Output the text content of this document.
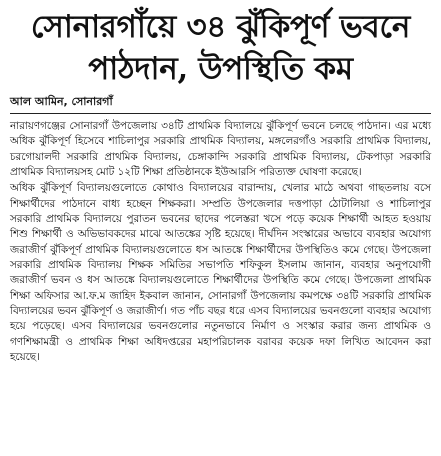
সোনারগাঁয়ে ৩৪ ঝুঁকিপূর্ণ ভবনে
পাঠদান, উপস্থিতি কম
আল আমিন, সোনারগাঁ

নারায়ণগঞ্জের সোনারগাঁ উপজেলায় ৩৪টি প্রাথমিক বিদ্যালয়ে ঝুঁকিপূর্ণ ভবনে চলছে পাঠদান। এর মধ্যে অধিক ঝুঁকিপূর্ণ হিসেবে শাচিলাপুর সরকারি প্রাথমিক বিদ্যালয়, মঙ্গলেরগাঁও সরকারি প্রাথমিক বিদ্যালয়, চরগোয়ালদী সরকারি প্রাথমিক বিদ্যালয়, চেঙ্গাকান্দি সরকারি প্রাথমিক বিদ্যালয়, টেকপাড়া সরকারি প্রাথমিক বিদ্যালয়সহ মোট ১২টি শিক্ষা প্রতিষ্ঠানকে ইউআরসি পরিত্যক্ত ঘোষণা করেছে।

অধিক ঝুঁকিপূর্ণ বিদ্যালয়গুলোতে কোথাও বিদ্যালয়ের বারান্দায়, খেলার মাঠে অথবা গাছতলায় বসে শিক্ষার্থীদের পাঠদানে বাধ্য হচ্ছেন শিক্ষকরা। সম্প্রতি উপজেলার দত্তপাড়া ঠোটালিয়া ও শাচিলাপুর সরকারি প্রাথমিক বিদ্যালয়ে পুরাতন ভবনের ছাদের পলেস্তরা খসে পড়ে কয়েক শিক্ষার্থী আহত হওয়ায় শিশু শিক্ষার্থী ও অভিভাবকদের মাঝে আতঙ্কের সৃষ্টি হয়েছে। দীর্ঘদিন সংস্কারের অভাবে ব্যবহার অযোগ্য জরাজীর্ণ ঝুঁকিপূর্ণ প্রাথমিক বিদ্যালয়গুলোতে ধস আতঙ্কে শিক্ষার্থীদের উপস্থিতিও কমে গেছে। উপজেলা সরকারি প্রাথমিক বিদ্যালয় শিক্ষক সমিতির সভাপতি শফিকুল ইসলাম জানান, ব্যবহার অনুপযোগী জরাজীর্ণ ভবন ও ধস আতঙ্কে বিদ্যালয়গুলোতে শিক্ষার্থীদের উপস্থিতি কমে গেছে। উপজেলা প্রাথমিক শিক্ষা অফিসার আ.ফ.ম জাহিদ ইকবাল জানান, সোনারগাঁ উপজেলায় কমপক্ষে ৩৪টি সরকারি প্রাথমিক বিদ্যালয়ের ভবন ঝুঁকিপূর্ণ ও জরাজীর্ণ। গত পাঁচ বছর ধরে এসব বিদ্যালয়ের ভবনগুলো ব্যবহার অযোগ্য হয়ে পড়েছে। এসব বিদ্যালয়ের ভবনগুলোর নতুনভাবে নির্মাণ ও সংস্কার করার জন্য প্রাথমিক ও গণশিক্ষামন্ত্রী ও প্রাথমিক শিক্ষা অধিদপ্তরের মহাপরিচালক বরাবর কয়েক দফা লিখিত আবেদন করা হয়েছে।
